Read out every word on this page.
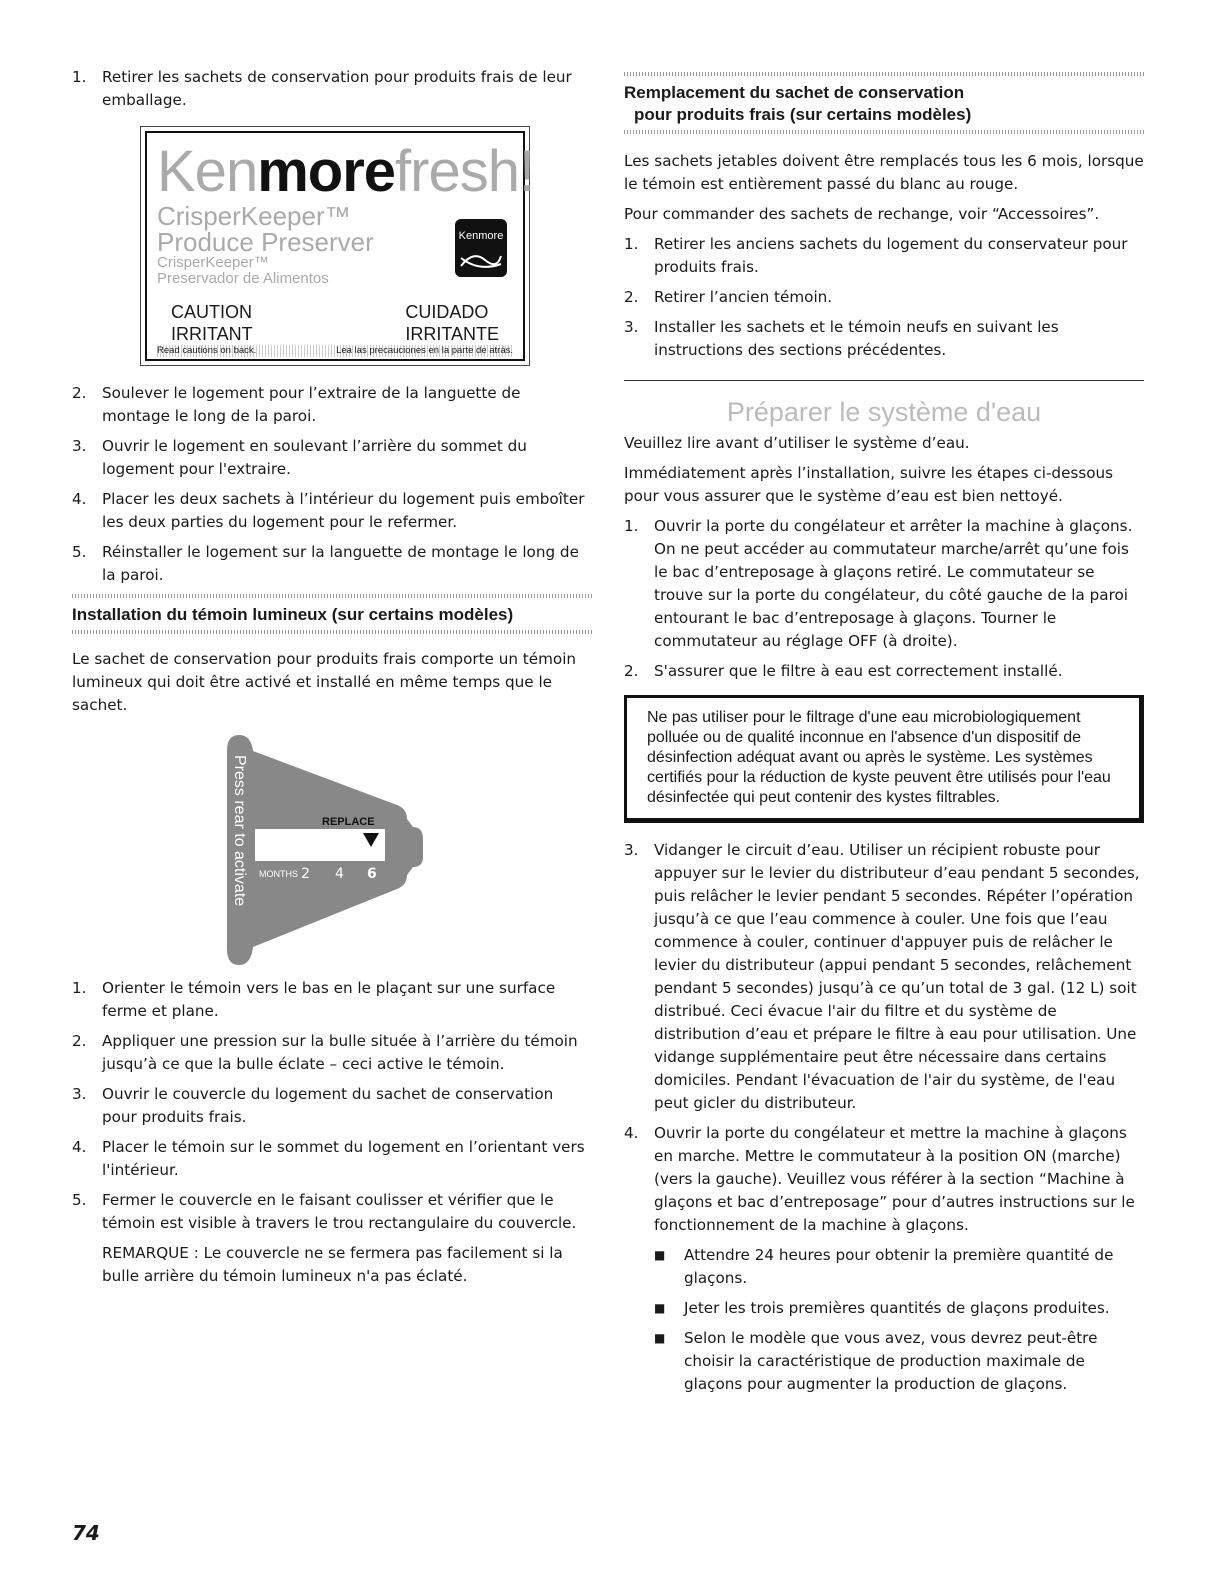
1.	Retirer les sachets de conservation pour produits frais de leur emballage.
Kenmorefresh!
CrisperKeeper™
Produce Preserver
CrisperKeeper™
Preservador de Alimentos
Kenmore
CAUTION
IRRITANT
CUIDADO
IRRITANTE
Read cautions on back.	Lea las precauciones en la parte de atrás.
2.	Soulever le logement pour l’extraire de la languette de montage le long de la paroi.
3.	Ouvrir le logement en soulevant l’arrière du sommet du logement pour l'extraire.
4.	Placer les deux sachets à l’intérieur du logement puis emboîter les deux parties du logement pour le refermer.
5.	Réinstaller le logement sur la languette de montage le long de la paroi.
Installation du témoin lumineux (sur certains modèles)

Le sachet de conservation pour produits frais comporte un témoin lumineux qui doit être activé et installé en même temps que le sachet.

REPLACE
MONTHS 2 4 6
Press rear to activate
1.	Orienter le témoin vers le bas en le plaçant sur une surface ferme et plane.
2.	Appliquer une pression sur la bulle située à l’arrière du témoin jusqu’à ce que la bulle éclate – ceci active le témoin.
3.	Ouvrir le couvercle du logement du sachet de conservation pour produits frais.
4.	Placer le témoin sur le sommet du logement en l’orientant vers l'intérieur.
5.	Fermer le couvercle en le faisant coulisser et vérifier que le témoin est visible à travers le trou rectangulaire du couvercle.

REMARQUE : Le couvercle ne se fermera pas facilement si la bulle arrière du témoin lumineux n'a pas éclaté.

Remplacement du sachet de conservation
pour produits frais (sur certains modèles)

Les sachets jetables doivent être remplacés tous les 6 mois, lorsque le témoin est entièrement passé du blanc au rouge.

Pour commander des sachets de rechange, voir “Accessoires”.

1.	Retirer les anciens sachets du logement du conservateur pour produits frais.
2.	Retirer l’ancien témoin.
3.	Installer les sachets et le témoin neufs en suivant les instructions des sections précédentes.
Préparer le système d'eau

Veuillez lire avant d’utiliser le système d’eau.

Immédiatement après l’installation, suivre les étapes ci-dessous pour vous assurer que le système d’eau est bien nettoyé.

1.	Ouvrir la porte du congélateur et arrêter la machine à glaçons. On ne peut accéder au commutateur marche/arrêt qu’une fois le bac d’entreposage à glaçons retiré. Le commutateur se trouve sur la porte du congélateur, du côté gauche de la paroi entourant le bac d’entreposage à glaçons. Tourner le commutateur au réglage OFF (à droite).
2.	S'assurer que le filtre à eau est correctement installé.
Ne pas utiliser pour le filtrage d'une eau microbiologiquement polluée ou de qualité inconnue en l'absence d'un dispositif de désinfection adéquat avant ou après le système. Les systèmes certifiés pour la réduction de kyste peuvent être utilisés pour l'eau désinfectée qui peut contenir des kystes filtrables.
3.	Vidanger le circuit d’eau. Utiliser un récipient robuste pour appuyer sur le levier du distributeur d’eau pendant 5 secondes, puis relâcher le levier pendant 5 secondes. Répéter l’opération jusqu’à ce que l’eau commence à couler. Une fois que l’eau commence à couler, continuer d'appuyer puis de relâcher le levier du distributeur (appui pendant 5 secondes, relâchement pendant 5 secondes) jusqu’à ce qu’un total de 3 gal. (12 L) soit distribué. Ceci évacue l'air du filtre et du système de distribution d’eau et prépare le filtre à eau pour utilisation. Une vidange supplémentaire peut être nécessaire dans certains domiciles. Pendant l'évacuation de l'air du système, de l'eau peut gicler du distributeur.
4.	Ouvrir la porte du congélateur et mettre la machine à glaçons en marche. Mettre le commutateur à la position ON (marche) (vers la gauche). Veuillez vous référer à la section “Machine à glaçons et bac d’entreposage” pour d’autres instructions sur le fonctionnement de la machine à glaçons.
■	Attendre 24 heures pour obtenir la première quantité de glaçons.
■	Jeter les trois premières quantités de glaçons produites.
■	Selon le modèle que vous avez, vous devrez peut-être choisir la caractéristique de production maximale de glaçons pour augmenter la production de glaçons.
74
